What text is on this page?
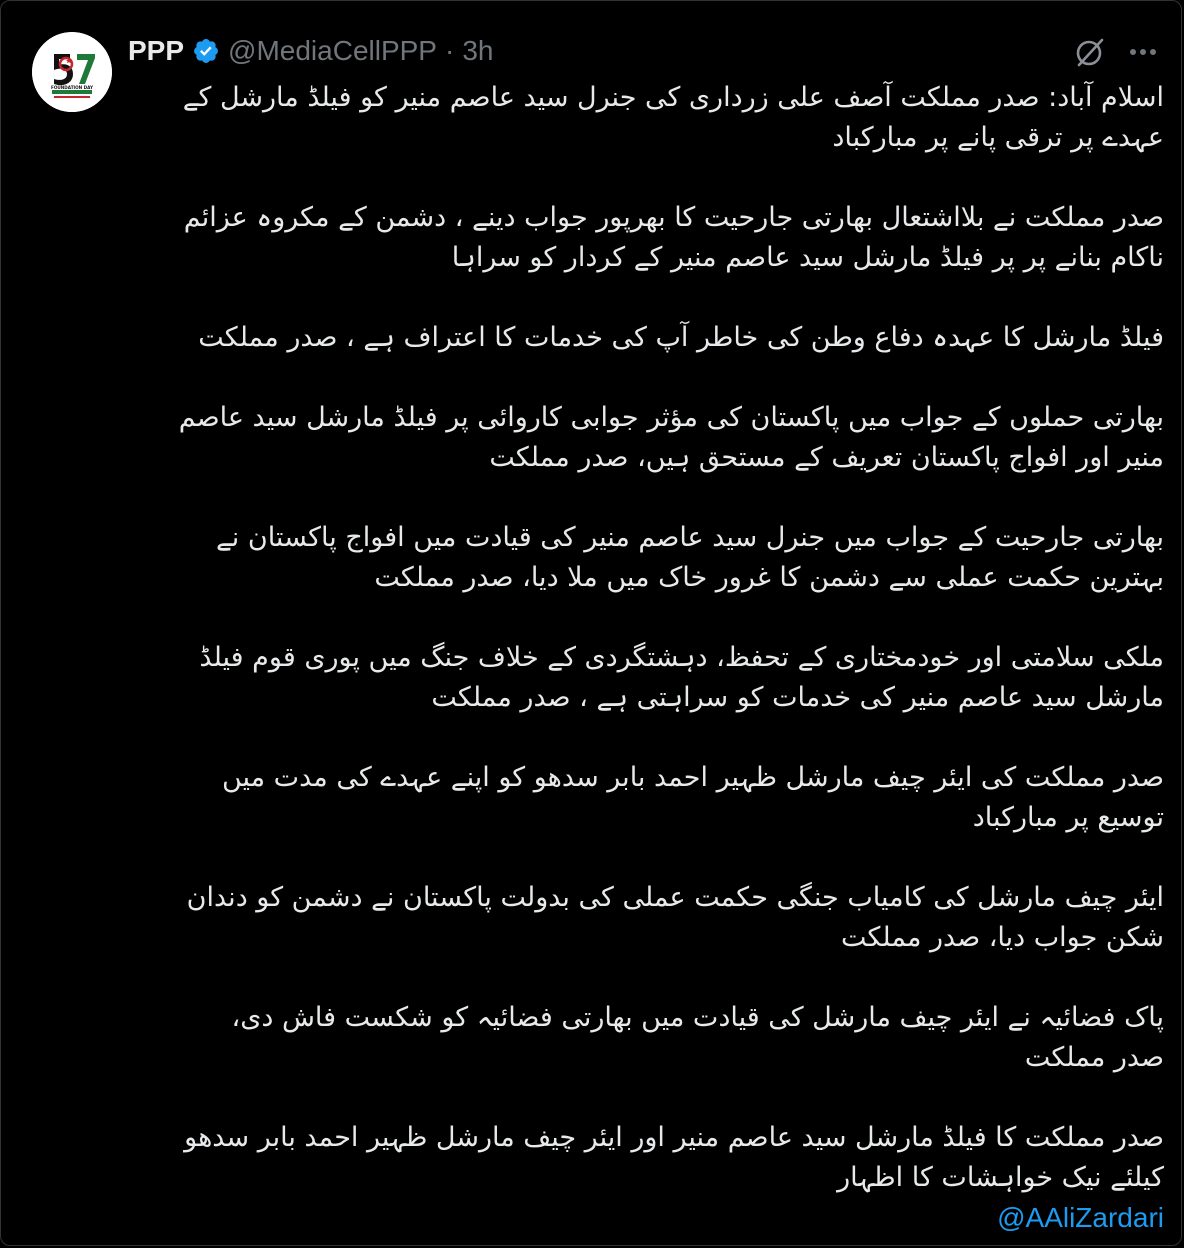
FOUNDATION DAY
PPP @MediaCellPPP · 3h
اسلام آباد: صدر مملکت آصف علی زرداری کی جنرل سید عاصم منیر کو فیلڈ مارشل کے
عہدے پر ترقی پانے پر مبارکباد
صدر مملکت نے بلااشتعال بھارتی جارحیت کا بھرپور جواب دینے ، دشمن کے مکروہ عزائم
ناکام بنانے پر پر فیلڈ مارشل سید عاصم منیر کے کردار کو سراہا
فیلڈ مارشل کا عہدہ دفاع وطن کی خاطر آپ کی خدمات کا اعتراف ہے ، صدر مملکت
بھارتی حملوں کے جواب میں پاکستان کی مؤثر جوابی کاروائی پر فیلڈ مارشل سید عاصم
منیر اور افواج پاکستان تعریف کے مستحق ہیں، صدر مملکت
بھارتی جارحیت کے جواب میں جنرل سید عاصم منیر کی قیادت میں افواج پاکستان نے
بہترین حکمت عملی سے دشمن کا غرور خاک میں ملا دیا، صدر مملکت
ملکی سلامتی اور خودمختاری کے تحفظ، دہشتگردی کے خلاف جنگ میں پوری قوم فیلڈ
مارشل سید عاصم منیر کی خدمات کو سراہتی ہے ، صدر مملکت
صدر مملکت کی ایئر چیف مارشل ظہیر احمد بابر سدھو کو اپنے عہدے کی مدت میں
توسیع پر مبارکباد
ایئر چیف مارشل کی کامیاب جنگی حکمت عملی کی بدولت پاکستان نے دشمن کو دندان
شکن جواب دیا، صدر مملکت
پاک فضائیہ نے ایئر چیف مارشل کی قیادت میں بھارتی فضائیہ کو شکست فاش دی،
صدر مملکت
صدر مملکت کا فیلڈ مارشل سید عاصم منیر اور ایئر چیف مارشل ظہیر احمد بابر سدھو
کیلئے نیک خواہشات کا اظہار
@AAliZardari
